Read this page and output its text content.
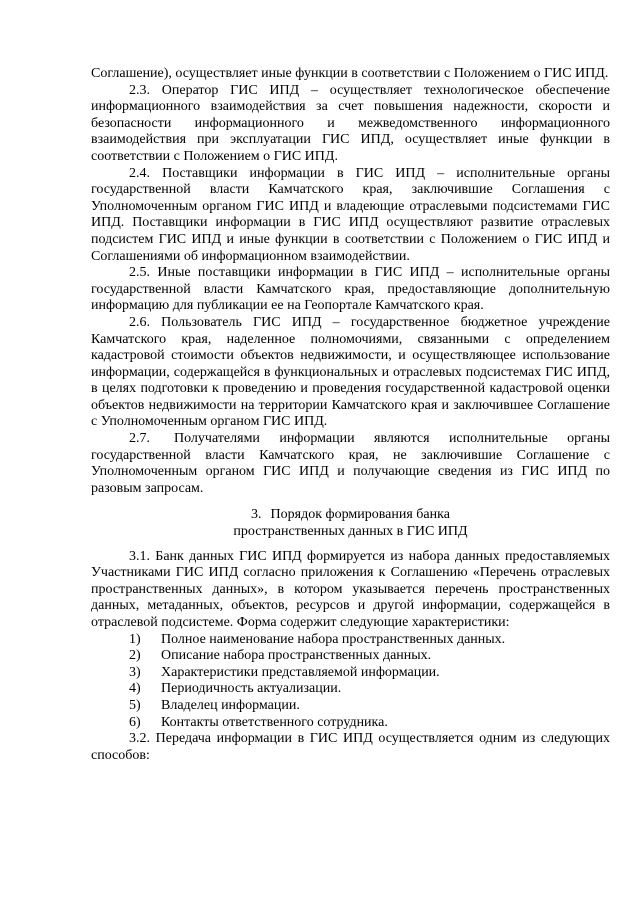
Соглашение), осуществляет иные функции в соответствии с Положением о ГИС ИПД.

2.3. Оператор ГИС ИПД – осуществляет технологическое обеспечение информационного взаимодействия за счет повышения надежности, скорости и безопасности информационного и межведомственного информационного взаимодействия при эксплуатации ГИС ИПД, осуществляет иные функции в соответствии с Положением о ГИС ИПД.

2.4. Поставщики информации в ГИС ИПД – исполнительные органы государственной власти Камчатского края, заключившие Соглашения с Уполномоченным органом ГИС ИПД и владеющие отраслевыми подсистемами ГИС ИПД. Поставщики информации в ГИС ИПД осуществляют развитие отраслевых подсистем ГИС ИПД и иные функции в соответствии с Положением о ГИС ИПД и Соглашениями об информационном взаимодействии.

2.5. Иные поставщики информации в ГИС ИПД – исполнительные органы государственной власти Камчатского края, предоставляющие дополнительную информацию для публикации ее на Геопортале Камчатского края.

2.6. Пользователь ГИС ИПД – государственное бюджетное учреждение Камчатского края, наделенное полномочиями, связанными с определением кадастровой стоимости объектов недвижимости, и осуществляющее использование информации, содержащейся в функциональных и отраслевых подсистемах ГИС ИПД, в целях подготовки к проведению и проведения государственной кадастровой оценки объектов недвижимости на территории Камчатского края и заключившее Соглашение с Уполномоченным органом ГИС ИПД.

2.7. Получателями информации являются исполнительные органы государственной власти Камчатского края, не заключившие Соглашение с Уполномоченным органом ГИС ИПД и получающие сведения из ГИС ИПД по разовым запросам.

3. Порядок формирования банка
пространственных данных в ГИС ИПД

3.1. Банк данных ГИС ИПД формируется из набора данных предоставляемых Участниками ГИС ИПД согласно приложения к Соглашению «Перечень отраслевых пространственных данных», в котором указывается перечень пространственных данных, метаданных, объектов, ресурсов и другой информации, содержащейся в отраслевой подсистеме. Форма содержит следующие характеристики:

1)	Полное наименование набора пространственных данных.
2)	Описание набора пространственных данных.
3)	Характеристики представляемой информации.
4)	Периодичность актуализации.
5)	Владелец информации.
6)	Контакты ответственного сотрудника.

3.2. Передача информации в ГИС ИПД осуществляется одним из следующих способов:
